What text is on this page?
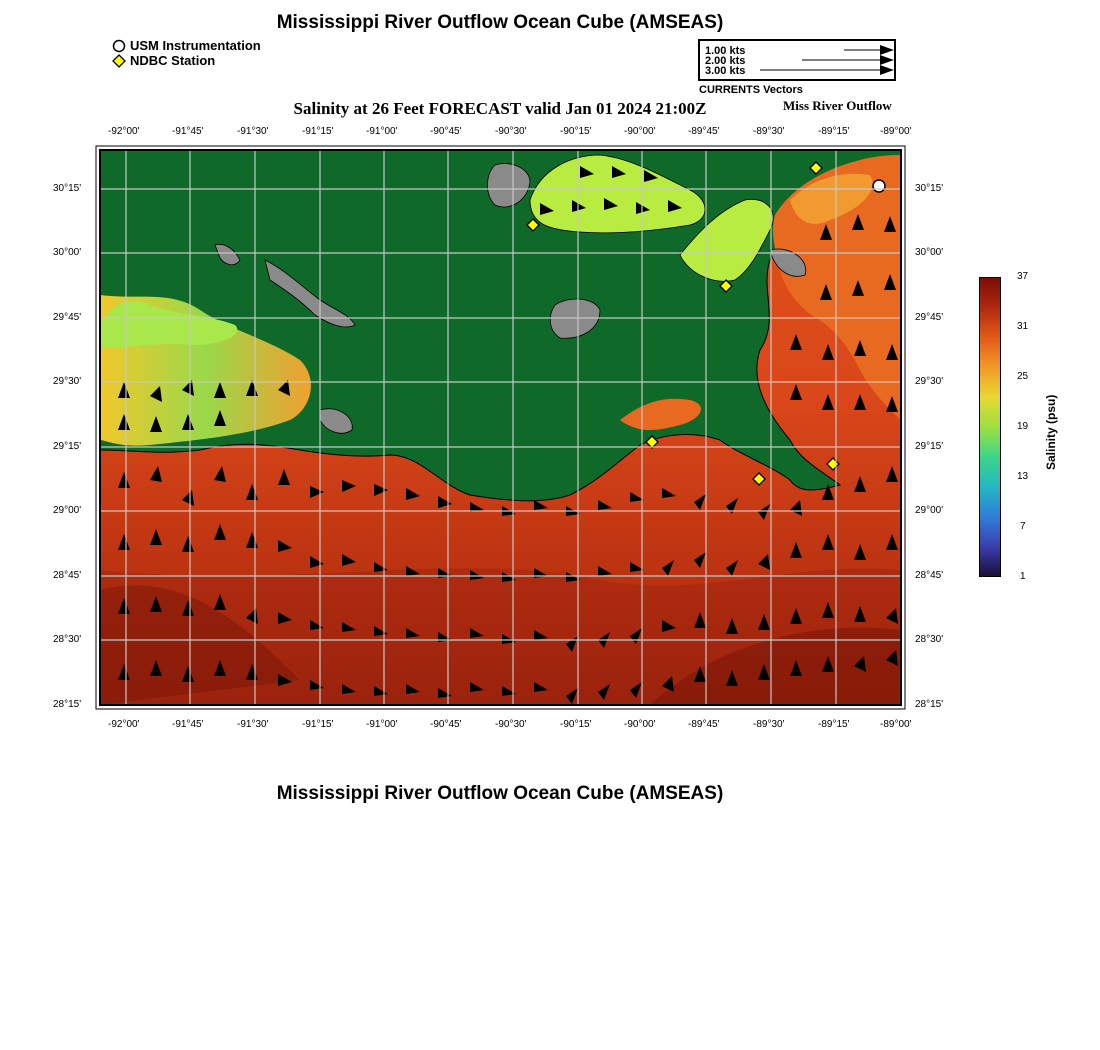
Mississippi River Outflow Ocean Cube (AMSEAS)
USM Instrumentation
NDBC Station
1.00 kts
2.00 kts
3.00 kts
CURRENTS Vectors
Salinity at 26 Feet FORECAST valid Jan 01 2024 21:00Z	Miss River Outflow
-92°00'	-91°45'	-91°30'	-91°15'	-91°00'	-90°45'	-90°30'	-90°15'	-90°00'	-89°45'	-89°30'	-89°15'	-89°00'
-92°00'	-91°45'	-91°30'	-91°15'	-91°00'	-90°45'	-90°30'	-90°15'	-90°00'	-89°45'	-89°30'	-89°15'	-89°00'
30°15'
30°00'
29°45'
29°30'
29°15'
29°00'
28°45'
28°30'
28°15'
30°15'
30°00'
29°45'
29°30'
29°15'
29°00'
28°45'
28°30'
28°15'
37
31
25
19
13
7
1
Salinity (psu)
Mississippi River Outflow Ocean Cube (AMSEAS)
